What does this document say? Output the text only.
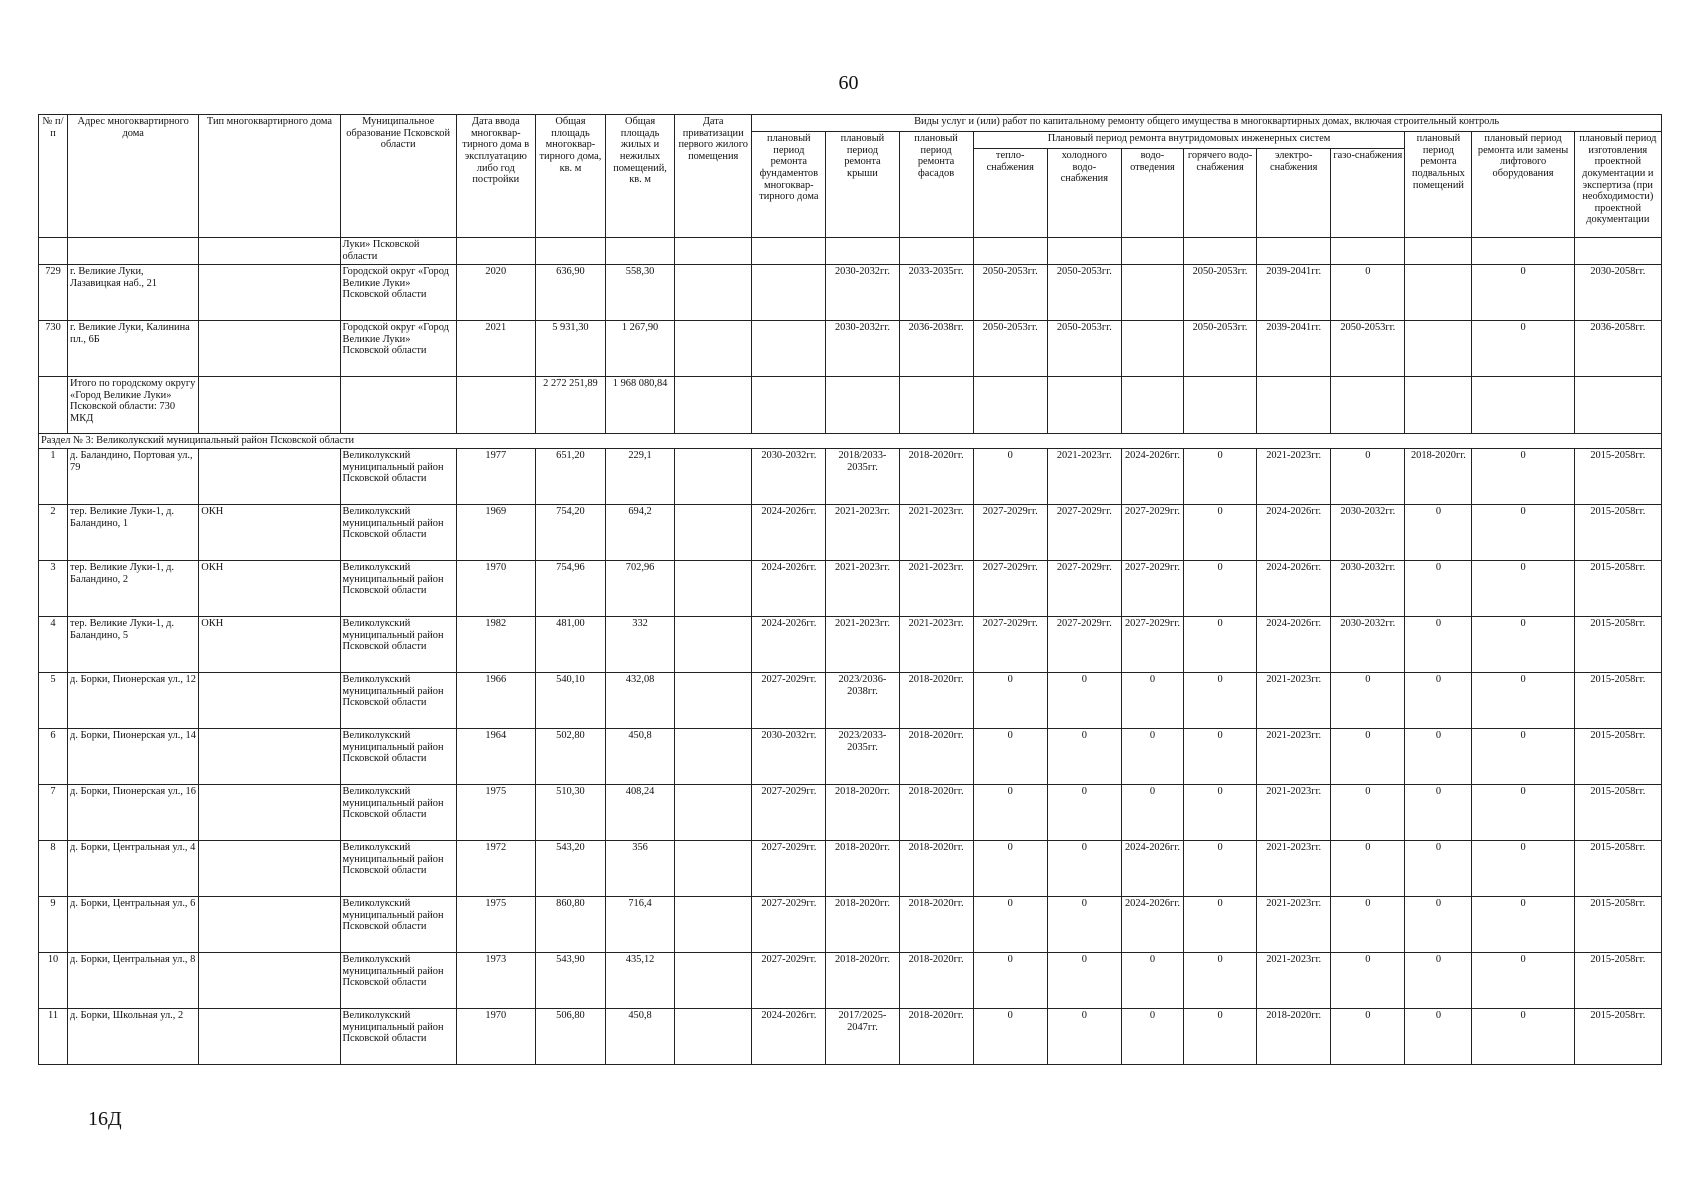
60
№ п/п	Адрес многоквартирного дома	Тип многоквартирного дома	Муниципальное образование Псковской области	Дата ввода многоквар-тирного дома в эксплуатацию либо год постройки	Общая площадь многоквар-тирного дома, кв. м	Общая площадь жилых и нежилых помещений, кв. м	Дата приватизации первого жилого помещения	Виды услуг и (или) работ по капитальному ремонту общего имущества в многоквартирных домах, включая строительный контроль											
								плановый период ремонта фундаментов многоквар-тирного дома	плановый период ремонта крыши	плановый период ремонта фасадов	Плановый период ремонта внутридомовых инженерных систем						плановый период ремонта подвальных помещений	плановый период ремонта или замены лифтового оборудования	плановый период изготовления проектной документации и экспертиза (при необходимости) проектной документации
											тепло-снабжения	холодного водо-снабжения	водо-отведения	горячего водо-снабжения	электро-снабжения	газо-снабжения			
			Луки» Псковской области																
729	г. Великие Луки, Лазавицкая наб., 21		Городской округ «Город Великие Луки» Псковской области	2020	636,90	558,30			2030-2032гг.	2033-2035гг.	2050-2053гг.	2050-2053гг.		2050-2053гг.	2039-2041гг.	0		0	2030-2058гг.
730	г. Великие Луки, Калинина пл., 6Б		Городской округ «Город Великие Луки» Псковской области	2021	5 931,30	1 267,90			2030-2032гг.	2036-2038гг.	2050-2053гг.	2050-2053гг.		2050-2053гг.	2039-2041гг.	2050-2053гг.		0	2036-2058гг.
	Итого по городскому округу «Город Великие Луки» Псковской области: 730 МКД				2 272 251,89	1 968 080,84													
Раздел № 3: Великолукский муниципальный район Псковской области																			
1	д. Баландино, Портовая ул., 79		Великолукский муниципальный район Псковской области	1977	651,20	229,1		2030-2032гг.	2018/2033-2035гг.	2018-2020гг.	0	2021-2023гг.	2024-2026гг.	0	2021-2023гг.	0	2018-2020гг.	0	2015-2058гг.
2	тер. Великие Луки-1, д. Баландино, 1	ОКН	Великолукский муниципальный район Псковской области	1969	754,20	694,2		2024-2026гг.	2021-2023гг.	2021-2023гг.	2027-2029гг.	2027-2029гг.	2027-2029гг.	0	2024-2026гг.	2030-2032гг.	0	0	2015-2058гг.
3	тер. Великие Луки-1, д. Баландино, 2	ОКН	Великолукский муниципальный район Псковской области	1970	754,96	702,96		2024-2026гг.	2021-2023гг.	2021-2023гг.	2027-2029гг.	2027-2029гг.	2027-2029гг.	0	2024-2026гг.	2030-2032гг.	0	0	2015-2058гг.
4	тер. Великие Луки-1, д. Баландино, 5	ОКН	Великолукский муниципальный район Псковской области	1982	481,00	332		2024-2026гг.	2021-2023гг.	2021-2023гг.	2027-2029гг.	2027-2029гг.	2027-2029гг.	0	2024-2026гг.	2030-2032гг.	0	0	2015-2058гг.
5	д. Борки, Пионерская ул., 12		Великолукский муниципальный район Псковской области	1966	540,10	432,08		2027-2029гг.	2023/2036-2038гг.	2018-2020гг.	0	0	0	0	2021-2023гг.	0	0	0	2015-2058гг.
6	д. Борки, Пионерская ул., 14		Великолукский муниципальный район Псковской области	1964	502,80	450,8		2030-2032гг.	2023/2033-2035гг.	2018-2020гг.	0	0	0	0	2021-2023гг.	0	0	0	2015-2058гг.
7	д. Борки, Пионерская ул., 16		Великолукский муниципальный район Псковской области	1975	510,30	408,24		2027-2029гг.	2018-2020гг.	2018-2020гг.	0	0	0	0	2021-2023гг.	0	0	0	2015-2058гг.
8	д. Борки, Центральная ул., 4		Великолукский муниципальный район Псковской области	1972	543,20	356		2027-2029гг.	2018-2020гг.	2018-2020гг.	0	0	2024-2026гг.	0	2021-2023гг.	0	0	0	2015-2058гг.
9	д. Борки, Центральная ул., 6		Великолукский муниципальный район Псковской области	1975	860,80	716,4		2027-2029гг.	2018-2020гг.	2018-2020гг.	0	0	2024-2026гг.	0	2021-2023гг.	0	0	0	2015-2058гг.
10	д. Борки, Центральная ул., 8		Великолукский муниципальный район Псковской области	1973	543,90	435,12		2027-2029гг.	2018-2020гг.	2018-2020гг.	0	0	0	0	2021-2023гг.	0	0	0	2015-2058гг.
11	д. Борки, Школьная ул., 2		Великолукский муниципальный район Псковской области	1970	506,80	450,8		2024-2026гг.	2017/2025-2047гг.	2018-2020гг.	0	0	0	0	2018-2020гг.	0	0	0	2015-2058гг.
16Д
